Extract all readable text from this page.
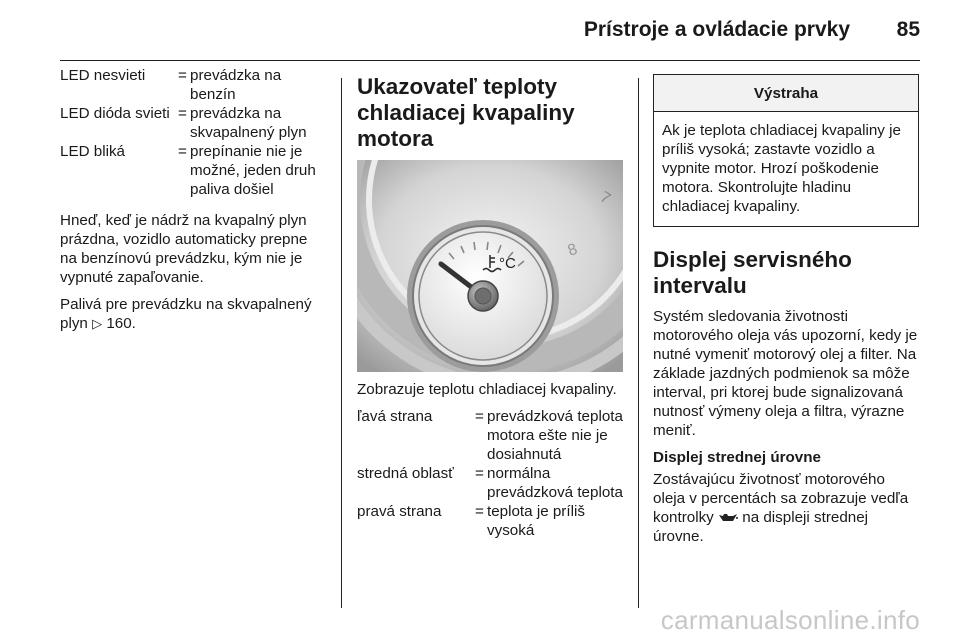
Prístroje a ovládacie prvky 85
LED nesvieti	= prevádzka na benzín
LED dióda svieti = prevádzka na skvapalnený plyn
LED bliká	= prepínanie nie je možné, jeden druh paliva došiel

Hneď, keď je nádrž na kvapalný plyn prázdna, vozidlo automaticky prepne na benzínovú prevádzku, kým nie je vypnuté zapaľovanie.

Palivá pre prevádzku na skvapalnený plyn ▷ 160.

Ukazovateľ teploty chladiacej kvapaliny motora
7
8
°C

Zobrazuje teplotu chladiacej kvapaliny.

ľavá strana	= prevádzková teplota motora ešte nie je dosiahnutá
stredná oblasť	= normálna prevádzková teplota
pravá strana	= teplota je príliš vysoká
Výstraha
Ak je teplota chladiacej kvapaliny je príliš vysoká; zastavte vozidlo a vypnite motor. Hrozí poškodenie motora. Skontrolujte hladinu chladiacej kvapaliny.
Displej servisného intervalu

Systém sledovania životnosti motorového oleja vás upozorní, kedy je nutné vymeniť motorový olej a filter. Na základe jazdných podmienok sa môže interval, pri ktorej bude signalizovaná nutnosť výmeny oleja a filtra, výrazne meniť.

Displej strednej úrovne

Zostávajúcu životnosť motorového oleja v percentách sa zobrazuje vedľa kontrolky na displeji strednej úrovne.

carmanualsonline.info
